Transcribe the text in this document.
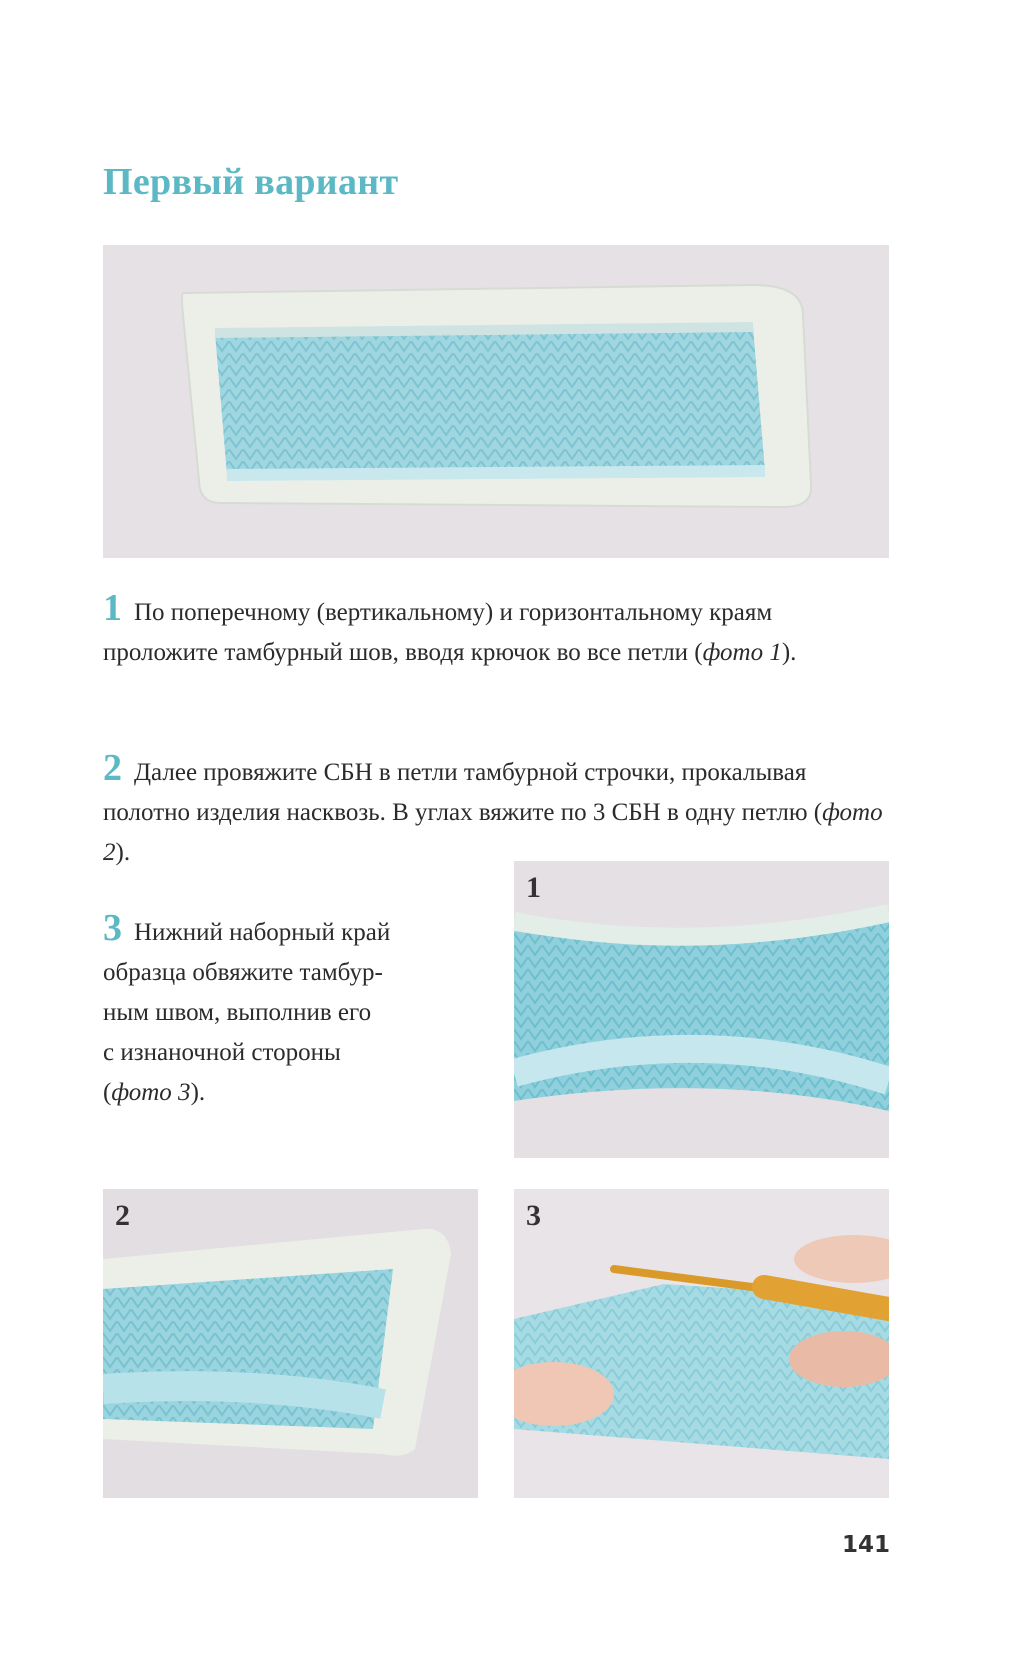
Первый вариант

1 По поперечному (вертикальному) и горизонтальному краям проложите тамбурный шов, вводя крючок во все петли (фото 1).

2 Далее провяжите СБН в петли тамбурной строчки, прокалывая полотно изделия насквозь. В углах вяжите по 3 СБН в одну петлю (фото 2).

3 Нижний наборный край
образца обвяжите тамбур-
ным швом, выполнив его
с изнаночной стороны
(фото 3).

1
2	3
141
